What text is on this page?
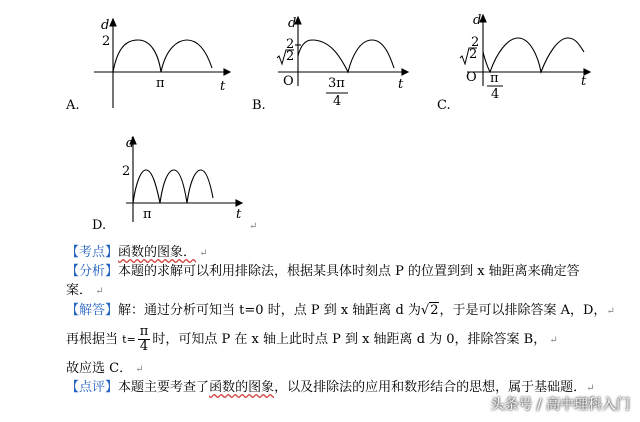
d
2
π	t
A.
d
2
2
O	3π
4
t
B.
d
2
2
O π
4
t
C.
d
2
π	t
D.	↵
【考点】函数的图象． ↵
【分析】本题的求解可以利用排除法，根据某具体时刻点 P 的位置到到 x 轴距离来确定答
案． ↵
【解答】解：通过分析可知当 t=0 时，点 P 到 x 轴距离 d 为√2，于是可以排除答案 A，D，↵
再根据当 $t= \frac{\pi}{4}$ 时，可知点 P 在 x 轴上此时点 P 到 x 轴距离 d 为 0，排除答案 B， ↵
故应选 C． ↵
【点评】本题主要考查了函数的图象，以及排除法的应用和数形结合的思想，属于基础题．↵
头条号 / 高中理科入门
